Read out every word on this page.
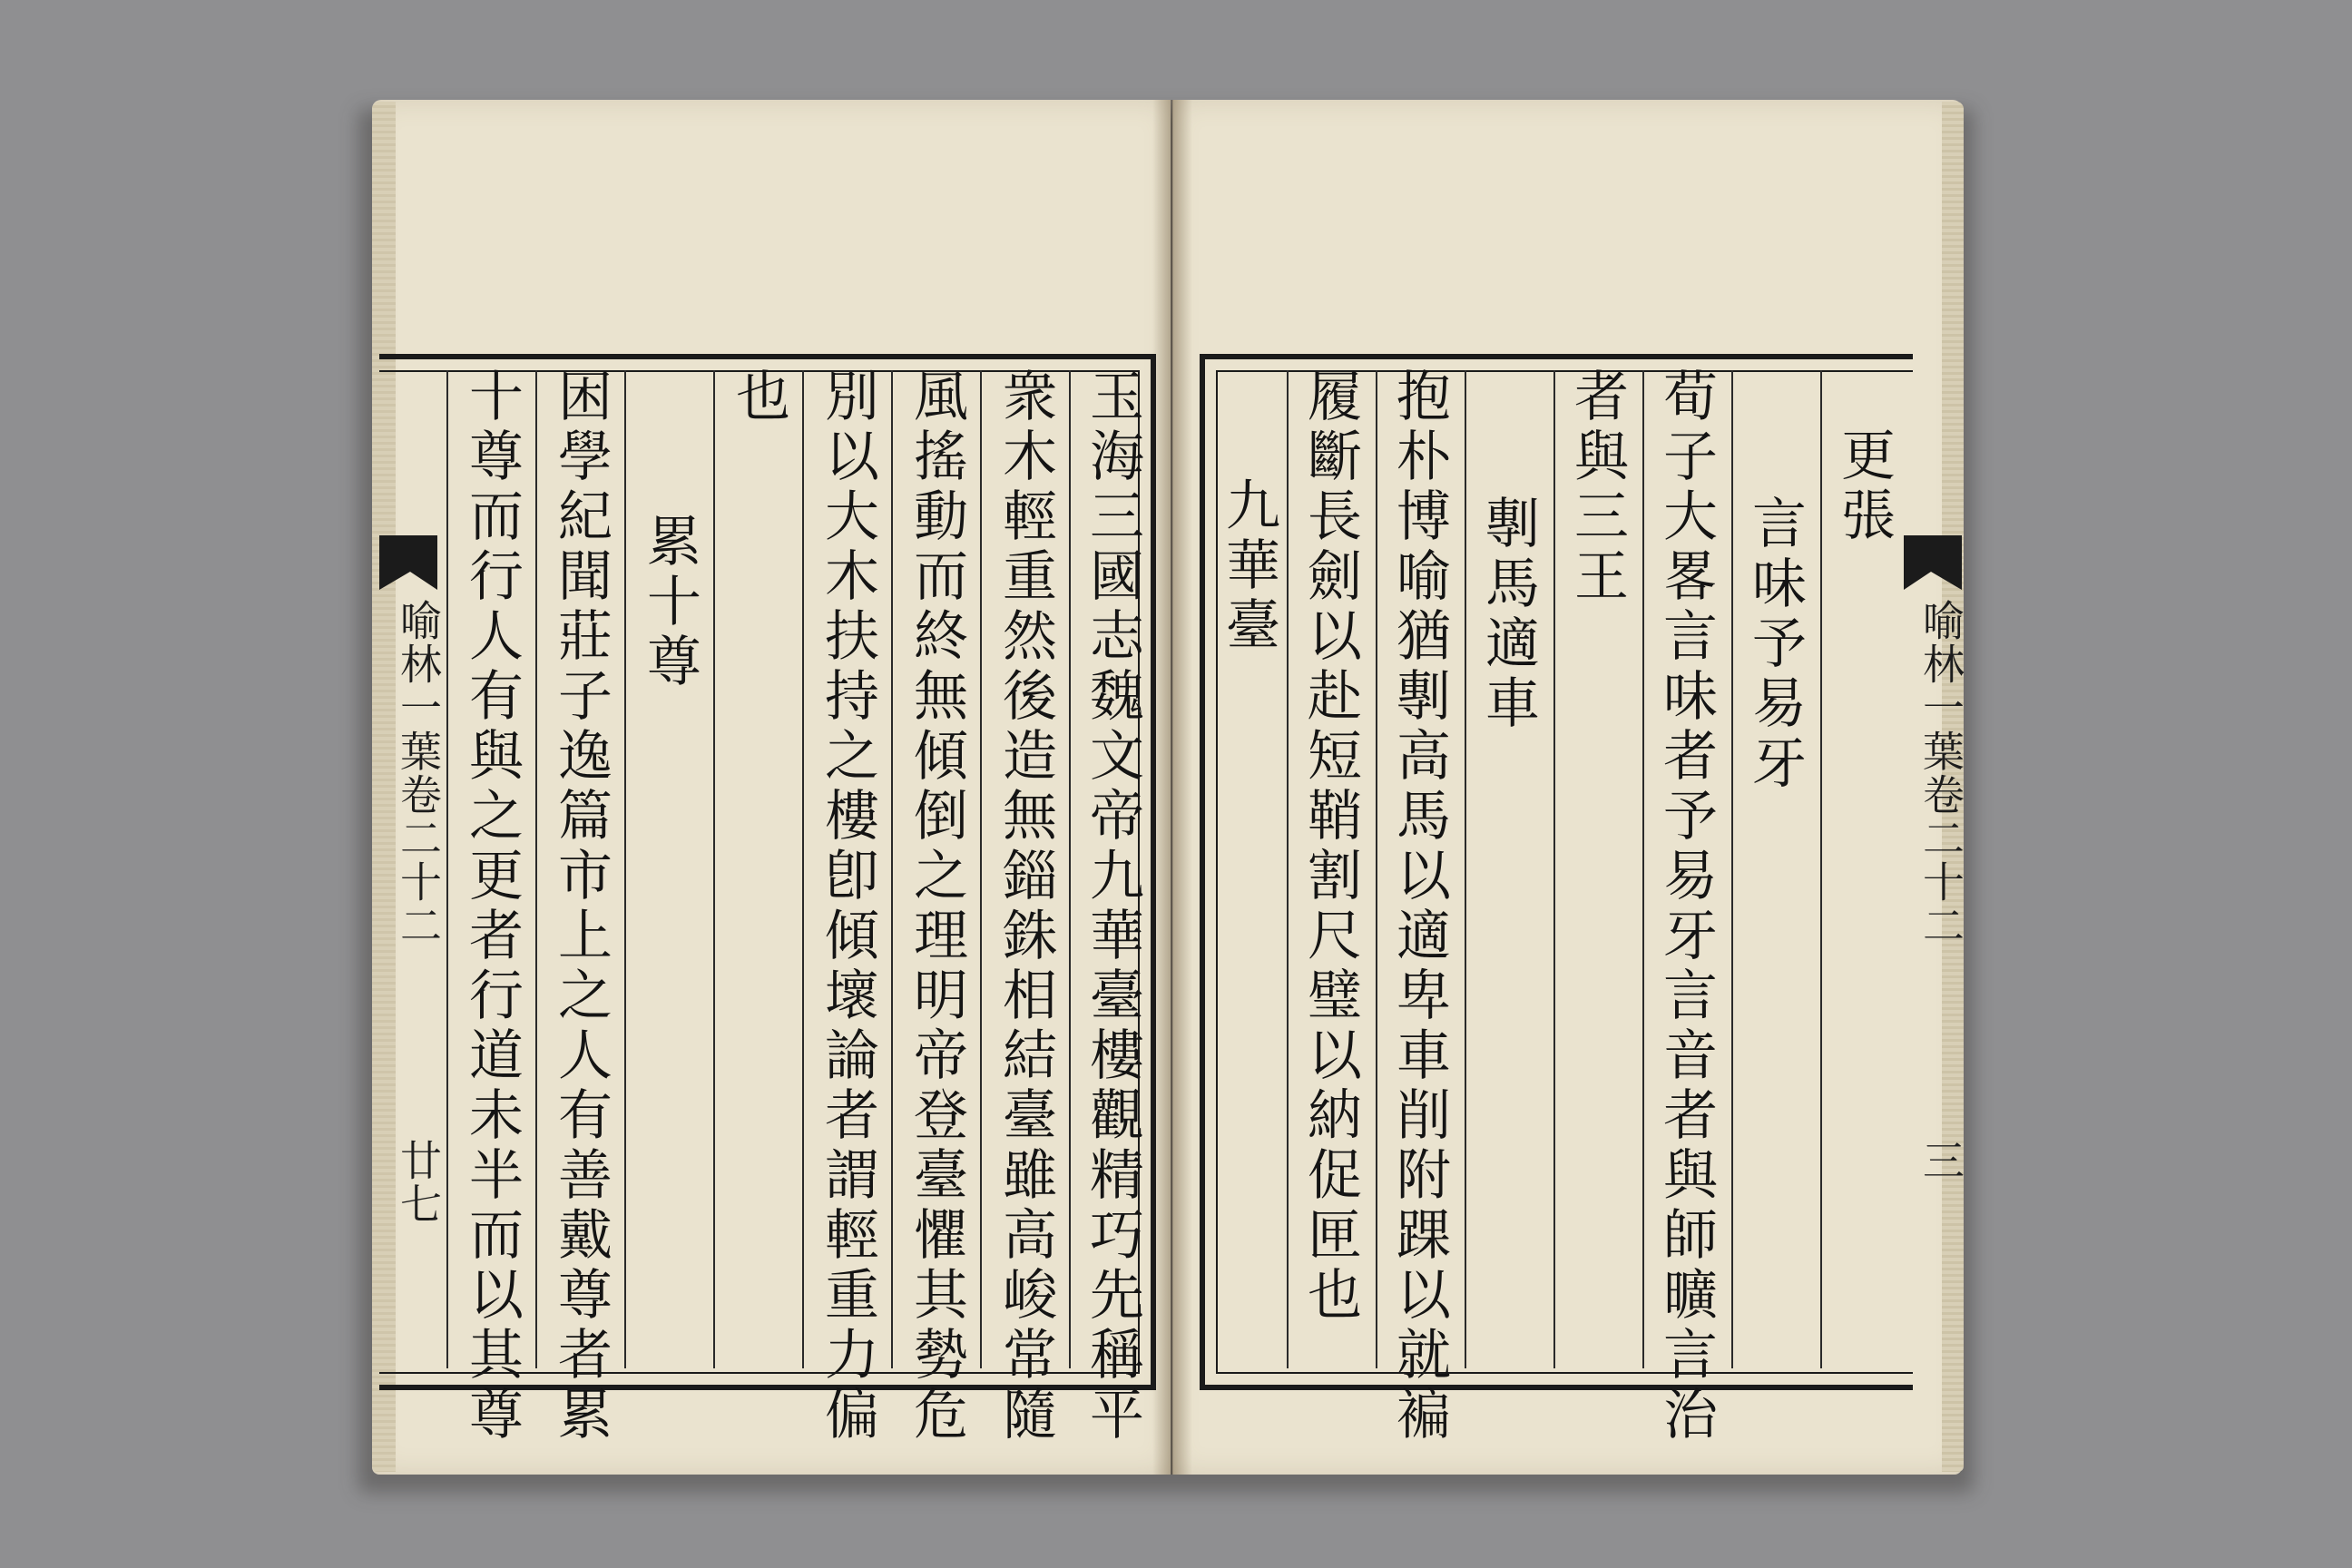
喻林一葉卷二十二
廿七	玉海三國志魏文帝九華臺樓觀精巧先稱平
衆木輕重然後造無錙銖相結臺雖高峻常隨
風搖動而終無傾倒之理明帝登臺懼其勢危
別以大木扶持之樓卽傾壞論者謂輕重力偏
也
累十尊
困學紀聞莊子逸篇市上之人有善戴尊者累
十尊而行人有與之更者行道未半而以其尊	喻林一葉卷二十二
三
更張
言味予易牙
荀子大畧言味者予易牙言音者與師曠言治
者與三王
剸馬適車
抱朴博喻猶剸高馬以適卑車削附踝以就褊
履斷長劍以赴短鞘割尺璧以納促匣也
九華臺
